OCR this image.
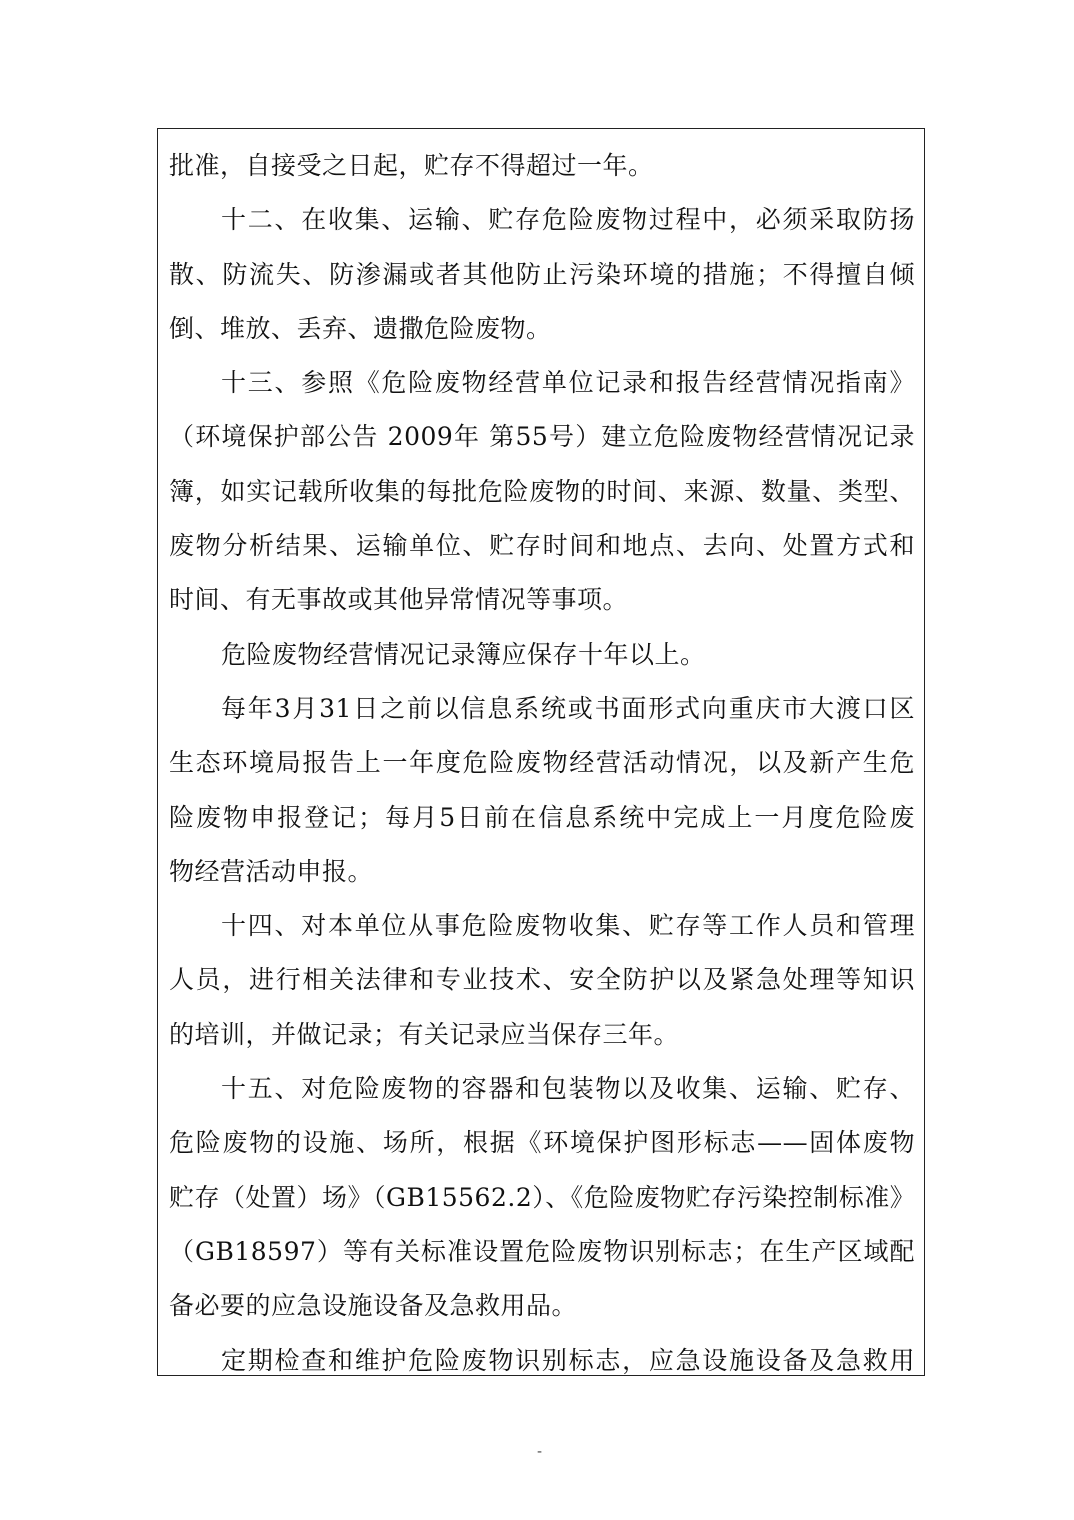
批准，自接受之日起，贮存不得超过一年。
十二、在收集、运输、贮存危险废物过程中，必须采取防扬
散、防流失、防渗漏或者其他防止污染环境的措施；不得擅自倾
倒、堆放、丢弃、遗撒危险废物。
十三、参照《危险废物经营单位记录和报告经营情况指南》
（环境保护部公告 2009年 第55号）建立危险废物经营情况记录
簿，如实记载所收集的每批危险废物的时间、来源、数量、类型、
废物分析结果、运输单位、贮存时间和地点、去向、处置方式和
时间、有无事故或其他异常情况等事项。
危险废物经营情况记录簿应保存十年以上。
每年3月31日之前以信息系统或书面形式向重庆市大渡口区
生态环境局报告上一年度危险废物经营活动情况，以及新产生危
险废物申报登记；每月5日前在信息系统中完成上一月度危险废
物经营活动申报。
十四、对本单位从事危险废物收集、贮存等工作人员和管理
人员，进行相关法律和专业技术、安全防护以及紧急处理等知识
的培训，并做记录；有关记录应当保存三年。
十五、对危险废物的容器和包装物以及收集、运输、贮存、
危险废物的设施、场所，根据《环境保护图形标志——固体废物
贮存（处置）场》（GB15562.2）、《危险废物贮存污染控制标准》
（GB18597）等有关标准设置危险废物识别标志；在生产区域配
备必要的应急设施设备及急救用品。
定期检查和维护危险废物识别标志，应急设施设备及急救用
-
